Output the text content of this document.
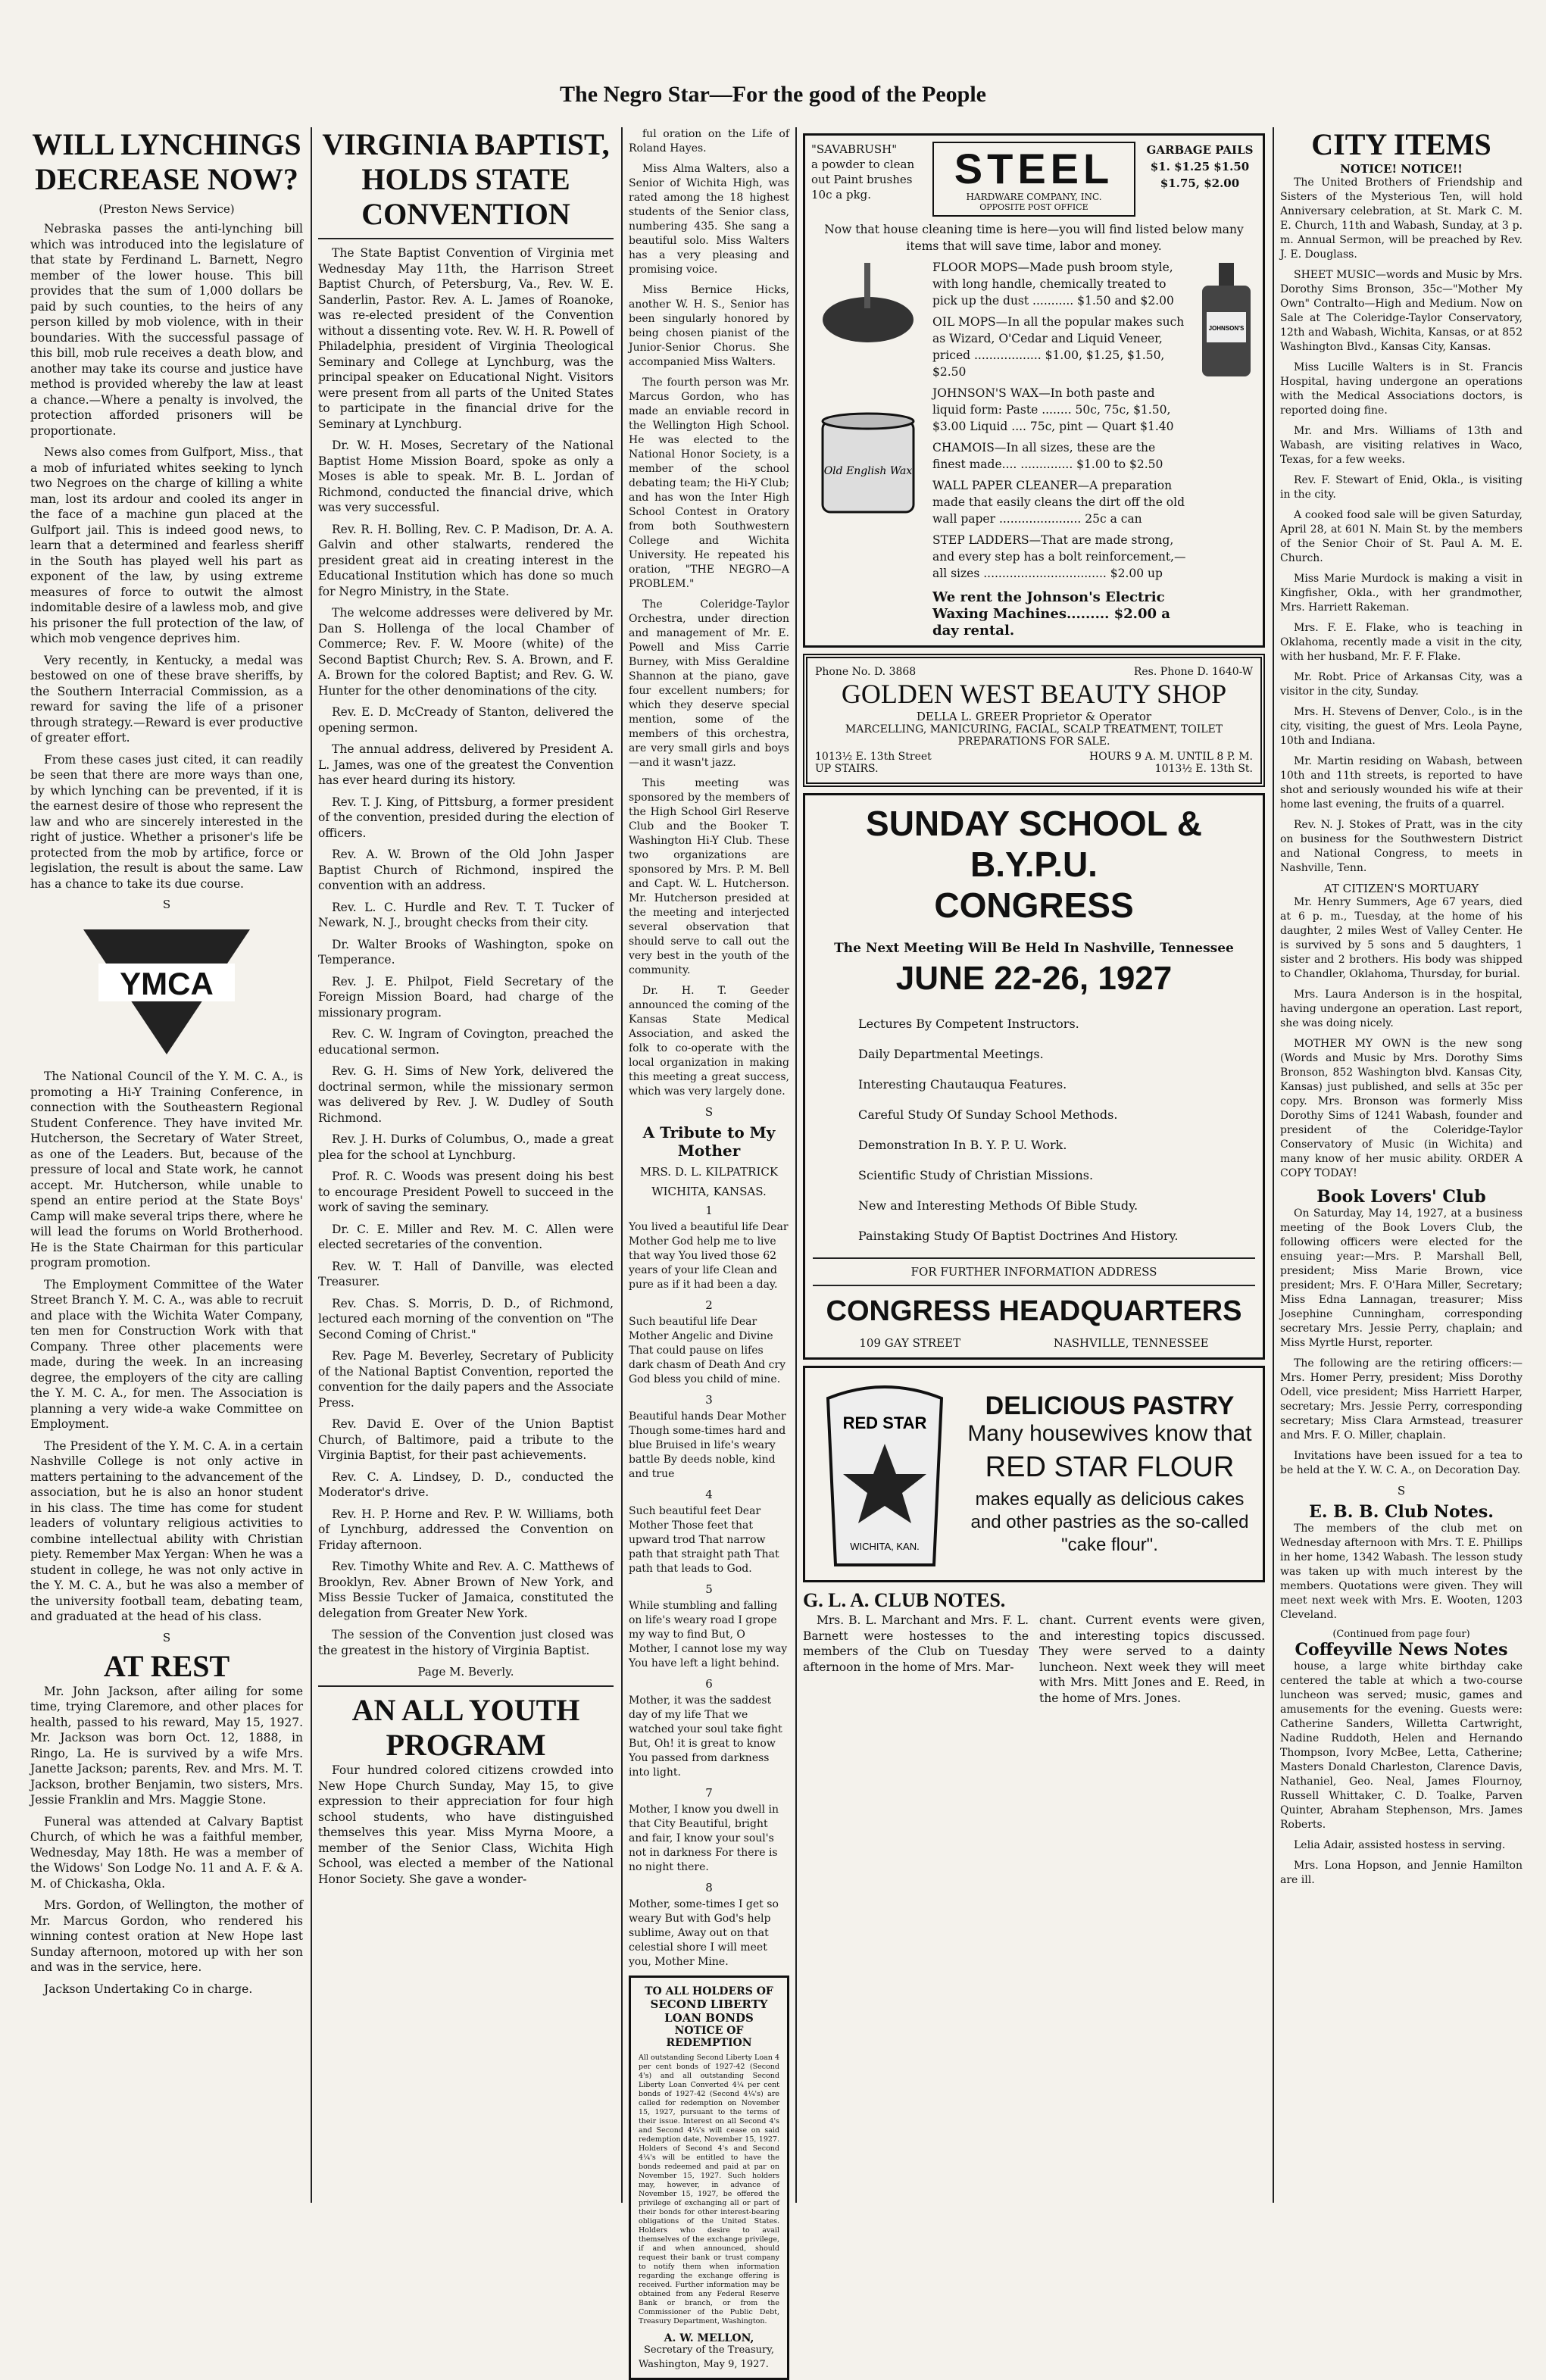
The Negro Star—For the good of the People
WILL LYNCHINGS DECREASE NOW?
(Preston News Service)

Nebraska passes the anti-lynching bill which was introduced into the legislature of that state by Ferdinand L. Barnett, Negro member of the lower house. This bill provides that the sum of 1,000 dollars be paid by such counties, to the heirs of any person killed by mob violence, with in their boundaries. With the successful passage of this bill, mob rule receives a death blow, and another may take its course and justice have method is provided whereby the law at least a chance.—Where a penalty is involved, the protection afforded prisoners will be proportionate.

News also comes from Gulfport, Miss., that a mob of infuriated whites seeking to lynch two Negroes on the charge of killing a white man, lost its ardour and cooled its anger in the face of a machine gun placed at the Gulfport jail. This is indeed good news, to learn that a determined and fearless sheriff in the South has played well his part as exponent of the law, by using extreme measures of force to outwit the almost indomitable desire of a lawless mob, and give his prisoner the full protection of the law, of which mob vengence deprives him.

Very recently, in Kentucky, a medal was bestowed on one of these brave sheriffs, by the Southern Interracial Commission, as a reward for saving the life of a prisoner through strategy.—Reward is ever productive of greater effort.

From these cases just cited, it can readily be seen that there are more ways than one, by which lynching can be prevented, if it is the earnest desire of those who represent the law and who are sincerely interested in the right of justice. Whether a prisoner's life be protected from the mob by artifice, force or legislation, the result is about the same. Law has a chance to take its due course.

S
YMCA

The National Council of the Y. M. C. A., is promoting a Hi-Y Training Conference, in connection with the Southeastern Regional Student Conference. They have invited Mr. Hutcherson, the Secretary of Water Street, as one of the Leaders. But, because of the pressure of local and State work, he cannot accept. Mr. Hutcherson, while unable to spend an entire period at the State Boys' Camp will make several trips there, where he will lead the forums on World Brotherhood. He is the State Chairman for this particular program promotion.

The Employment Committee of the Water Street Branch Y. M. C. A., was able to recruit and place with the Wichita Water Company, ten men for Construction Work with that Company. Three other placements were made, during the week. In an increasing degree, the employers of the city are calling the Y. M. C. A., for men. The Association is planning a very wide-a wake Committee on Employment.

The President of the Y. M. C. A. in a certain Nashville College is not only active in matters pertaining to the advancement of the association, but he is also an honor student in his class. The time has come for student leaders of voluntary religious activities to combine intellectual ability with Christian piety. Remember Max Yergan: When he was a student in college, he was not only active in the Y. M. C. A., but he was also a member of the university football team, debating team, and graduated at the head of his class.

S
AT REST

Mr. John Jackson, after ailing for some time, trying Claremore, and other places for health, passed to his reward, May 15, 1927. Mr. Jackson was born Oct. 12, 1888, in Ringo, La. He is survived by a wife Mrs. Janette Jackson; parents, Rev. and Mrs. M. T. Jackson, brother Benjamin, two sisters, Mrs. Jessie Franklin and Mrs. Maggie Stone.

Funeral was attended at Calvary Baptist Church, of which he was a faithful member, Wednesday, May 18th. He was a member of the Widows' Son Lodge No. 11 and A. F. & A. M. of Chickasha, Okla.

Mrs. Gordon, of Wellington, the mother of Mr. Marcus Gordon, who rendered his winning contest oration at New Hope last Sunday afternoon, motored up with her son and was in the service, here.

Jackson Undertaking Co in charge.

VIRGINIA BAPTIST, HOLDS STATE CONVENTION

The State Baptist Convention of Virginia met Wednesday May 11th, the Harrison Street Baptist Church, of Petersburg, Va., Rev. W. E. Sanderlin, Pastor. Rev. A. L. James of Roanoke, was re-elected president of the Convention without a dissenting vote. Rev. W. H. R. Powell of Philadelphia, president of Virginia Theological Seminary and College at Lynchburg, was the principal speaker on Educational Night. Visitors were present from all parts of the United States to participate in the financial drive for the Seminary at Lynchburg.

Dr. W. H. Moses, Secretary of the National Baptist Home Mission Board, spoke as only a Moses is able to speak. Mr. B. L. Jordan of Richmond, conducted the financial drive, which was very successful.

Rev. R. H. Bolling, Rev. C. P. Madison, Dr. A. A. Galvin and other stalwarts, rendered the president great aid in creating interest in the Educational Institution which has done so much for Negro Ministry, in the State.

The welcome addresses were delivered by Mr. Dan S. Hollenga of the local Chamber of Commerce; Rev. F. W. Moore (white) of the Second Baptist Church; Rev. S. A. Brown, and F. A. Brown for the colored Baptist; and Rev. G. W. Hunter for the other denominations of the city.

Rev. E. D. McCready of Stanton, delivered the opening sermon.

The annual address, delivered by President A. L. James, was one of the greatest the Convention has ever heard during its history.

Rev. T. J. King, of Pittsburg, a former president of the convention, presided during the election of officers.

Rev. A. W. Brown of the Old John Jasper Baptist Church of Richmond, inspired the convention with an address.

Rev. L. C. Hurdle and Rev. T. T. Tucker of Newark, N. J., brought checks from their city.

Dr. Walter Brooks of Washington, spoke on Temperance.

Rev. J. E. Philpot, Field Secretary of the Foreign Mission Board, had charge of the missionary program.

Rev. C. W. Ingram of Covington, preached the educational sermon.

Rev. G. H. Sims of New York, delivered the doctrinal sermon, while the missionary sermon was delivered by Rev. J. W. Dudley of South Richmond.

Rev. J. H. Durks of Columbus, O., made a great plea for the school at Lynchburg.

Prof. R. C. Woods was present doing his best to encourage President Powell to succeed in the work of saving the seminary.

Dr. C. E. Miller and Rev. M. C. Allen were elected secretaries of the convention.

Rev. W. T. Hall of Danville, was elected Treasurer.

Rev. Chas. S. Morris, D. D., of Richmond, lectured each morning of the convention on "The Second Coming of Christ."

Rev. Page M. Beverley, Secretary of Publicity of the National Baptist Convention, reported the convention for the daily papers and the Associate Press.

Rev. David E. Over of the Union Baptist Church, of Baltimore, paid a tribute to the Virginia Baptist, for their past achievements.

Rev. C. A. Lindsey, D. D., conducted the Moderator's drive.

Rev. H. P. Horne and Rev. P. W. Williams, both of Lynchburg, addressed the Convention on Friday afternoon.

Rev. Timothy White and Rev. A. C. Matthews of Brooklyn, Rev. Abner Brown of New York, and Miss Bessie Tucker of Jamaica, constituted the delegation from Greater New York.

The session of the Convention just closed was the greatest in the history of Virginia Baptist.

Page M. Beverly.
AN ALL YOUTH PROGRAM

Four hundred colored citizens crowded into New Hope Church Sunday, May 15, to give expression to their appreciation for four high school students, who have distinguished themselves this year. Miss Myrna Moore, a member of the Senior Class, Wichita High School, was elected a member of the National Honor Society. She gave a wonder-

ful oration on the Life of Roland Hayes.

Miss Alma Walters, also a Senior of Wichita High, was rated among the 18 highest students of the Senior class, numbering 435. She sang a beautiful solo. Miss Walters has a very pleasing and promising voice.

Miss Bernice Hicks, another W. H. S., Senior has been singularly honored by being chosen pianist of the Junior-Senior Chorus. She accompanied Miss Walters.

The fourth person was Mr. Marcus Gordon, who has made an enviable record in the Wellington High School. He was elected to the National Honor Society, is a member of the school debating team; the Hi-Y Club; and has won the Inter High School Contest in Oratory from both Southwestern College and Wichita University. He repeated his oration, "THE NEGRO—A PROBLEM."

The Coleridge-Taylor Orchestra, under direction and management of Mr. E. Powell and Miss Carrie Burney, with Miss Geraldine Shannon at the piano, gave four excellent numbers; for which they deserve special mention, some of the members of this orchestra, are very small girls and boys—and it wasn't jazz.

This meeting was sponsored by the members of the High School Girl Reserve Club and the Booker T. Washington Hi-Y Club. These two organizations are sponsored by Mrs. P. M. Bell and Capt. W. L. Hutcherson. Mr. Hutcherson presided at the meeting and interjected several observation that should serve to call out the very best in the youth of the community.

Dr. H. T. Geeder announced the coming of the Kansas State Medical Association, and asked the folk to co-operate with the local organization in making this meeting a great success, which was very largely done.

S
A Tribute to My Mother
MRS. D. L. KILPATRICK
WICHITA, KANSAS.
1

You lived a beautiful life Dear Mother God help me to live that way You lived those 62 years of your life Clean and pure as if it had been a day.

2

Such beautiful life Dear Mother Angelic and Divine That could pause on lifes dark chasm of Death And cry God bless you child of mine.

3

Beautiful hands Dear Mother Though some-times hard and blue Bruised in life's weary battle By deeds noble, kind and true

4

Such beautiful feet Dear Mother Those feet that upward trod That narrow path that straight path That path that leads to God.

5

While stumbling and falling on life's weary road I grope my way to find But, O Mother, I cannot lose my way You have left a light behind.

6

Mother, it was the saddest day of my life That we watched your soul take fight But, Oh! it is great to know You passed from darkness into light.

7

Mother, I know you dwell in that City Beautiful, bright and fair, I know your soul's not in darkness For there is no night there.

8

Mother, some-times I get so weary But with God's help sublime, Away out on that celestial shore I will meet you, Mother Mine.

TO ALL HOLDERS OF
SECOND LIBERTY LOAN BONDS
NOTICE OF REDEMPTION

All outstanding Second Liberty Loan 4 per cent bonds of 1927-42 (Second 4's) and all outstanding Second Liberty Loan Converted 4¼ per cent bonds of 1927-42 (Second 4¼'s) are called for redemption on November 15, 1927, pursuant to the terms of their issue. Interest on all Second 4's and Second 4¼'s will cease on said redemption date, November 15, 1927. Holders of Second 4's and Second 4¼'s will be entitled to have the bonds redeemed and paid at par on November 15, 1927. Such holders may, however, in advance of November 15, 1927, be offered the privilege of exchanging all or part of their bonds for other interest-bearing obligations of the United States. Holders who desire to avail themselves of the exchange privilege, if and when announced, should request their bank or trust company to notify them when information regarding the exchange offering is received. Further information may be obtained from any Federal Reserve Bank or branch, or from the Commissioner of the Public Debt, Treasury Department, Washington.

A. W. MELLON,
Secretary of the Treasury,
Washington, May 9, 1927.
"SAVABRUSH"
a powder to clean out Paint brushes
10c a pkg.
STEEL
HARDWARE COMPANY, INC.
OPPOSITE POST OFFICE
GARBAGE PAILS
$1. $1.25 $1.50
$1.75, $2.00
Now that house cleaning time is here—you will find listed below many items that will save time, labor and money.

Old English Wax
FLOOR MOPS—Made push broom style, with long handle, chemically treated to pick up the dust ........... $1.50 and $2.00
OIL MOPS—In all the popular makes such as Wizard, O'Cedar and Liquid Veneer, priced .................. $1.00, $1.25, $1.50, $2.50
JOHNSON'S WAX—In both paste and liquid form: Paste ........ 50c, 75c, $1.50, $3.00 Liquid .... 75c, pint — Quart $1.40
CHAMOIS—In all sizes, these are the finest made.... .............. $1.00 to $2.50
WALL PAPER CLEANER—A preparation made that easily cleans the dirt off the old wall paper ...................... 25c a can
STEP LADDERS—That are made strong, and every step has a bolt reinforcement,—all sizes ................................. $2.00 up
We rent the Johnson's Electric Waxing Machines......... $2.00 a day rental.
JOHNSON'S
Phone No. D. 3868	Res. Phone D. 1640-W
GOLDEN WEST BEAUTY SHOP
DELLA L. GREER Proprietor & Operator
MARCELLING, MANICURING, FACIAL, SCALP TREATMENT, TOILET PREPARATIONS FOR SALE.
1013½ E. 13th Street	HOURS 9 A. M. UNTIL 8 P. M.
UP STAIRS.	1013½ E. 13th St.
SUNDAY SCHOOL & B.Y.P.U.
CONGRESS
The Next Meeting Will Be Held In Nashville, Tennessee
JUNE 22-26, 1927
Lectures By Competent Instructors.
Daily Departmental Meetings.
Interesting Chautauqua Features.
Careful Study Of Sunday School Methods.
Demonstration In B. Y. P. U. Work.
Scientific Study of Christian Missions.
New and Interesting Methods Of Bible Study.
Painstaking Study Of Baptist Doctrines And History.
FOR FURTHER INFORMATION ADDRESS
CONGRESS HEADQUARTERS
109 GAY STREET	NASHVILLE, TENNESSEE
RED STAR
WICHITA, KAN.
DELICIOUS PASTRY
Many housewives know that
RED STAR FLOUR
makes equally as delicious cakes and other pastries as the so-called "cake flour".
G. L. A. CLUB NOTES.

Mrs. B. L. Marchant and Mrs. F. L. Barnett were hostesses to the members of the Club on Tuesday afternoon in the home of Mrs. Mar-

chant. Current events were given, and interesting topics discussed. They were served to a dainty luncheon. Next week they will meet with Mrs. Mitt Jones and E. Reed, in the home of Mrs. Jones.

CITY ITEMS
NOTICE! NOTICE!!

The United Brothers of Friendship and Sisters of the Mysterious Ten, will hold Anniversary celebration, at St. Mark C. M. E. Church, 11th and Wabash, Sunday, at 3 p. m. Annual Sermon, will be preached by Rev. J. E. Douglass.

SHEET MUSIC—words and Music by Mrs. Dorothy Sims Bronson, 35c—"Mother My Own" Contralto—High and Medium. Now on Sale at The Coleridge-Taylor Conservatory, 12th and Wabash, Wichita, Kansas, or at 852 Washington Blvd., Kansas City, Kansas.

Miss Lucille Walters is in St. Francis Hospital, having undergone an operations with the Medical Associations doctors, is reported doing fine.

Mr. and Mrs. Williams of 13th and Wabash, are visiting relatives in Waco, Texas, for a few weeks.

Rev. F. Stewart of Enid, Okla., is visiting in the city.

A cooked food sale will be given Saturday, April 28, at 601 N. Main St. by the members of the Senior Choir of St. Paul A. M. E. Church.

Miss Marie Murdock is making a visit in Kingfisher, Okla., with her grandmother, Mrs. Harriett Rakeman.

Mrs. F. E. Flake, who is teaching in Oklahoma, recently made a visit in the city, with her husband, Mr. F. F. Flake.

Mr. Robt. Price of Arkansas City, was a visitor in the city, Sunday.

Mrs. H. Stevens of Denver, Colo., is in the city, visiting, the guest of Mrs. Leola Payne, 10th and Indiana.

Mr. Martin residing on Wabash, between 10th and 11th streets, is reported to have shot and seriously wounded his wife at their home last evening, the fruits of a quarrel.

Rev. N. J. Stokes of Pratt, was in the city on business for the Southwestern District and National Congress, to meets in Nashville, Tenn.

AT CITIZEN'S MORTUARY

Mr. Henry Summers, Age 67 years, died at 6 p. m., Tuesday, at the home of his daughter, 2 miles West of Valley Center. He is survived by 5 sons and 5 daughters, 1 sister and 2 brothers. His body was shipped to Chandler, Oklahoma, Thursday, for burial.

Mrs. Laura Anderson is in the hospital, having undergone an operation. Last report, she was doing nicely.

MOTHER MY OWN is the new song (Words and Music by Mrs. Dorothy Sims Bronson, 852 Washington blvd. Kansas City, Kansas) just published, and sells at 35c per copy. Mrs. Bronson was formerly Miss Dorothy Sims of 1241 Wabash, founder and president of the Coleridge-Taylor Conservatory of Music (in Wichita) and many know of her music ability. ORDER A COPY TODAY!

Book Lovers' Club

On Saturday, May 14, 1927, at a business meeting of the Book Lovers Club, the following officers were elected for the ensuing year:—Mrs. P. Marshall Bell, president; Miss Marie Brown, vice president; Mrs. F. O'Hara Miller, Secretary; Miss Edna Lannagan, treasurer; Miss Josephine Cunningham, corresponding secretary Mrs. Jessie Perry, chaplain; and Miss Myrtle Hurst, reporter.

The following are the retiring officers:—Mrs. Homer Perry, president; Miss Dorothy Odell, vice president; Miss Harriett Harper, secretary; Mrs. Jessie Perry, corresponding secretary; Miss Clara Armstead, treasurer and Mrs. F. O. Miller, chaplain.

Invitations have been issued for a tea to be held at the Y. W. C. A., on Decoration Day.

S
E. B. B. Club Notes.

The members of the club met on Wednesday afternoon with Mrs. T. E. Phillips in her home, 1342 Wabash. The lesson study was taken up with much interest by the members. Quotations were given. They will meet next week with Mrs. E. Wooten, 1203 Cleveland.

(Continued from page four)
Coffeyville News Notes

house, a large white birthday cake centered the table at which a two-course luncheon was served; music, games and amusements for the evening. Guests were: Catherine Sanders, Willetta Cartwright, Nadine Ruddoth, Helen and Hernando Thompson, Ivory McBee, Letta, Catherine; Masters Donald Charleston, Clarence Davis, Nathaniel, Geo. Neal, James Flournoy, Russell Whittaker, C. D. Toalke, Parven Quinter, Abraham Stephenson, Mrs. James Roberts.

Lelia Adair, assisted hostess in serving.

Mrs. Lona Hopson, and Jennie Hamilton are ill.
